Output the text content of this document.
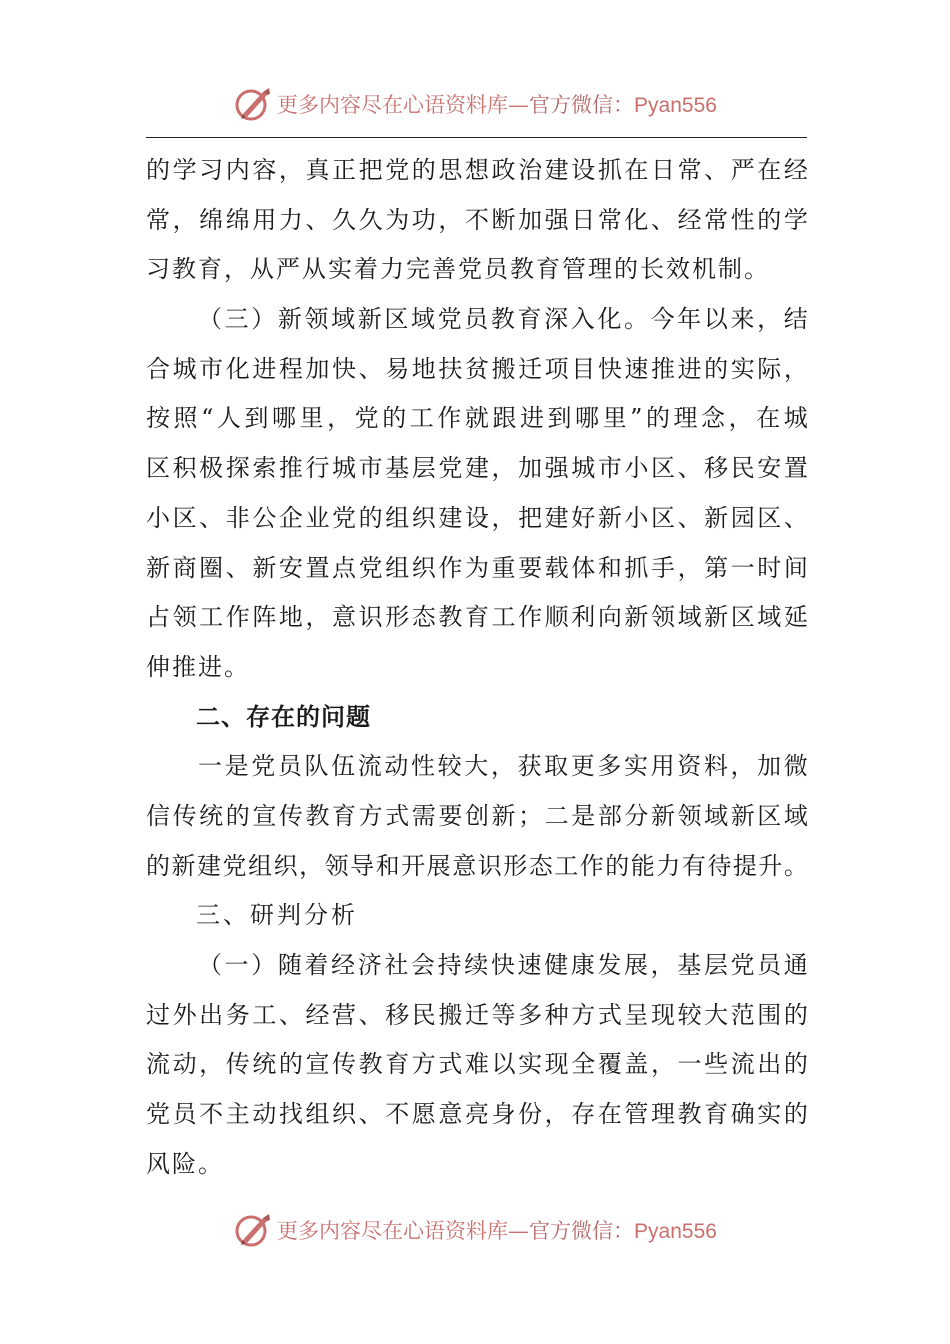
更多内容尽在心语资料库—官方微信：Pyan556
的 学 习 内 容 ， 真 正 把 党 的 思 想 政 治 建 设 抓 在 日 常 、 严 在 经
常 ， 绵 绵 用 力 、 久 久 为 功 ， 不 断 加 强 日 常 化 、 经 常 性 的 学
习教育，从严从实着力完善党员教育管理的长效机制。
（ 三 ） 新 领 域 新 区 域 党 员 教 育 深 入 化 。 今 年 以 来 ， 结
合 城 市 化 进 程 加 快 、 易 地 扶 贫 搬 迁 项 目 快 速 推 进 的 实 际 ，
按 照 “ 人 到 哪 里 ， 党 的 工 作 就 跟 进 到 哪 里 ” 的 理 念 ， 在 城
区 积 极 探 索 推 行 城 市 基 层 党 建 ， 加 强 城 市 小 区 、 移 民 安 置
小 区 、 非 公 企 业 党 的 组 织 建 设 ， 把 建 好 新 小 区 、 新 园 区 、
新 商 圈 、 新 安 置 点 党 组 织 作 为 重 要 载 体 和 抓 手 ， 第 一 时 间
占 领 工 作 阵 地 ， 意 识 形 态 教 育 工 作 顺 利 向 新 领 域 新 区 域 延
伸推进。
二、存在的问题
一 是 党 员 队 伍 流 动 性 较 大 ， 获 取 更 多 实 用 资 料 ， 加 微
信 传 统 的 宣 传 教 育 方 式 需 要 创 新 ； 二 是 部 分 新 领 域 新 区 域
的 新 建 党 组 织 ， 领 导 和 开 展 意 识 形 态 工 作 的 能 力 有 待 提 升 。
三、研判分析
（ 一 ） 随 着 经 济 社 会 持 续 快 速 健 康 发 展 ， 基 层 党 员 通
过 外 出 务 工 、 经 营 、 移 民 搬 迁 等 多 种 方 式 呈 现 较 大 范 围 的
流 动 ， 传 统 的 宣 传 教 育 方 式 难 以 实 现 全 覆 盖 ， 一 些 流 出 的
党 员 不 主 动 找 组 织 、 不 愿 意 亮 身 份 ， 存 在 管 理 教 育 确 实 的
风险。
更多内容尽在心语资料库—官方微信：Pyan556
